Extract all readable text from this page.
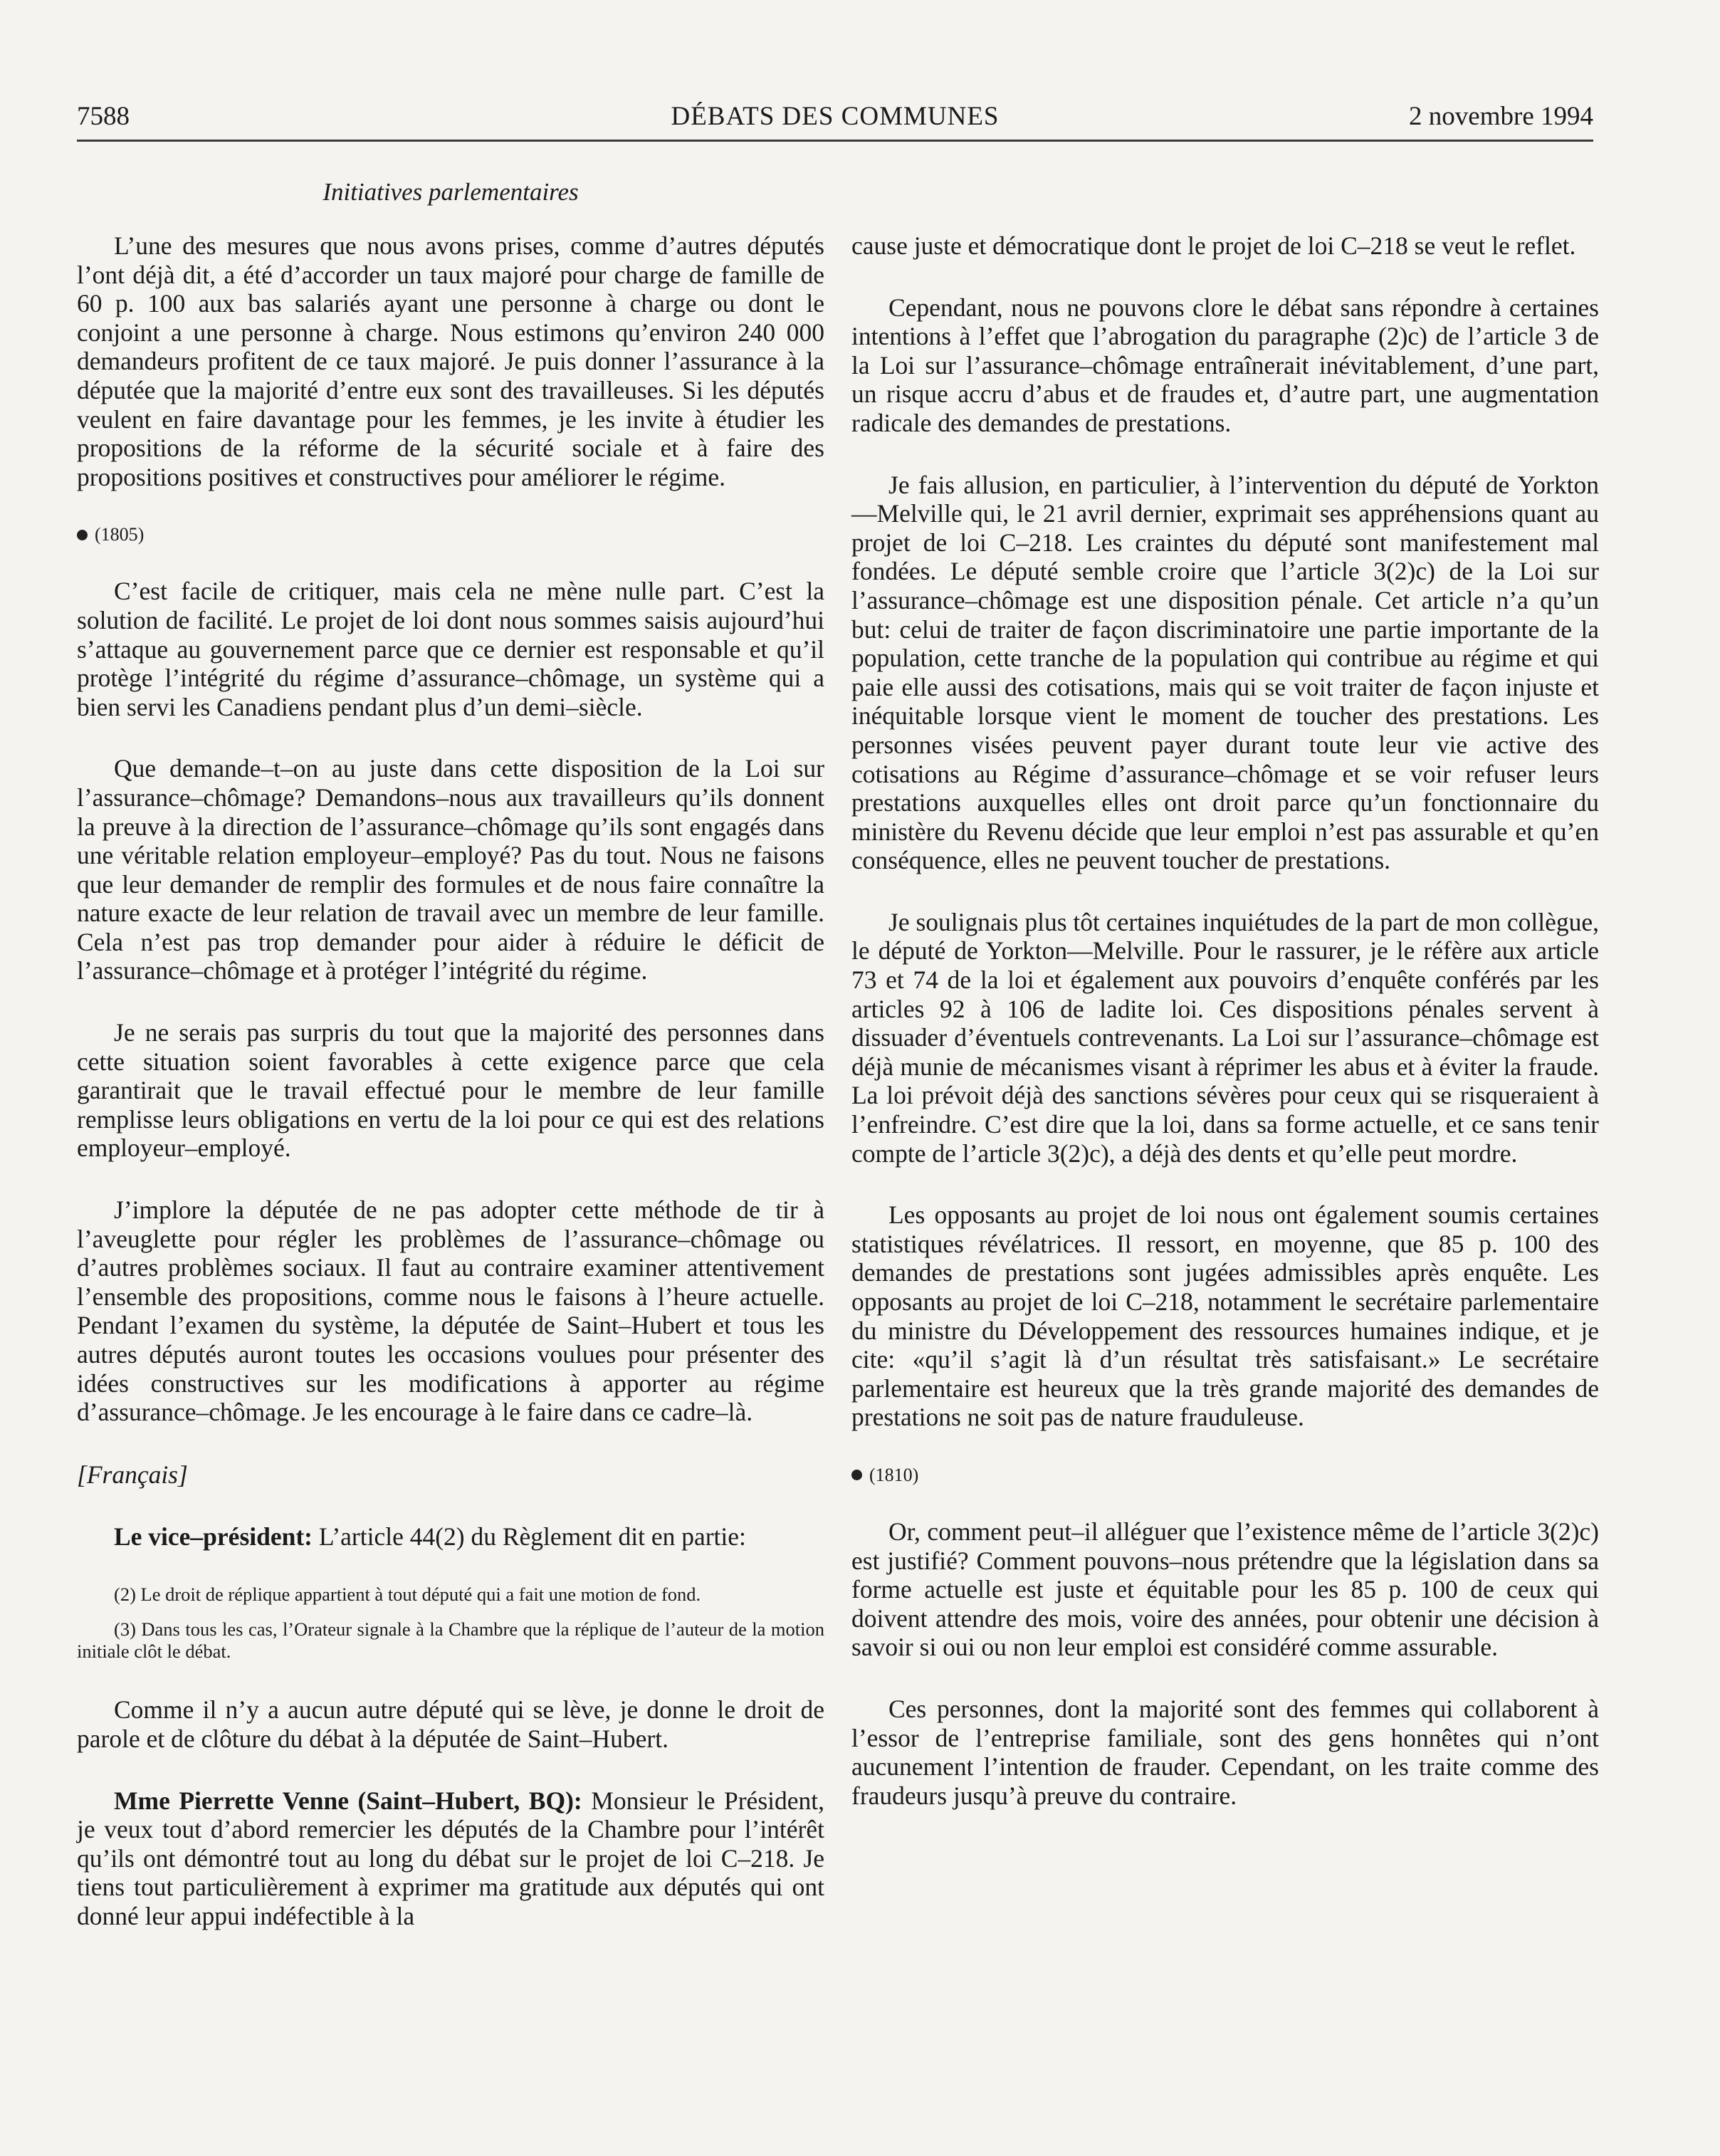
7588	DÉBATS DES COMMUNES	2 novembre 1994
Initiatives parlementaires

L’une des mesures que nous avons prises, comme d’autres députés l’ont déjà dit, a été d’accorder un taux majoré pour charge de famille de 60 p. 100 aux bas salariés ayant une personne à charge ou dont le conjoint a une personne à charge. Nous estimons qu’environ 240 000 demandeurs profitent de ce taux majoré. Je puis donner l’assurance à la députée que la majorité d’entre eux sont des travailleuses. Si les députés veulent en faire davantage pour les femmes, je les invite à étudier les propositions de la réforme de la sécurité sociale et à faire des propositions positives et constructives pour améliorer le régime.

(1805)

C’est facile de critiquer, mais cela ne mène nulle part. C’est la solution de facilité. Le projet de loi dont nous sommes saisis aujourd’hui s’attaque au gouvernement parce que ce dernier est responsable et qu’il protège l’intégrité du régime d’assurance–chômage, un système qui a bien servi les Canadiens pendant plus d’un demi–siècle.

Que demande–t–on au juste dans cette disposition de la Loi sur l’assurance–chômage? Demandons–nous aux travailleurs qu’ils donnent la preuve à la direction de l’assurance–chômage qu’ils sont engagés dans une véritable relation employeur–employé? Pas du tout. Nous ne faisons que leur demander de remplir des formules et de nous faire connaître la nature exacte de leur relation de travail avec un membre de leur famille. Cela n’est pas trop demander pour aider à réduire le déficit de l’assurance–chômage et à protéger l’intégrité du régime.

Je ne serais pas surpris du tout que la majorité des personnes dans cette situation soient favorables à cette exigence parce que cela garantirait que le travail effectué pour le membre de leur famille remplisse leurs obligations en vertu de la loi pour ce qui est des relations employeur–employé.

J’implore la députée de ne pas adopter cette méthode de tir à l’aveuglette pour régler les problèmes de l’assurance–chômage ou d’autres problèmes sociaux. Il faut au contraire examiner attentivement l’ensemble des propositions, comme nous le faisons à l’heure actuelle. Pendant l’examen du système, la députée de Saint–Hubert et tous les autres députés auront toutes les occasions voulues pour présenter des idées constructives sur les modifications à apporter au régime d’assurance–chômage. Je les encourage à le faire dans ce cadre–là.

[Français]

Le vice–président: L’article 44(2) du Règlement dit en partie:

(2) Le droit de réplique appartient à tout député qui a fait une motion de fond.
(3) Dans tous les cas, l’Orateur signale à la Chambre que la réplique de l’auteur de la motion initiale clôt le débat.

Comme il n’y a aucun autre député qui se lève, je donne le droit de parole et de clôture du débat à la députée de Saint–Hubert.

Mme Pierrette Venne (Saint–Hubert, BQ): Monsieur le Président, je veux tout d’abord remercier les députés de la Chambre pour l’intérêt qu’ils ont démontré tout au long du débat sur le projet de loi C–218. Je tiens tout particulièrement à exprimer ma gratitude aux députés qui ont donné leur appui indéfectible à la

cause juste et démocratique dont le projet de loi C–218 se veut le reflet.

Cependant, nous ne pouvons clore le débat sans répondre à certaines intentions à l’effet que l’abrogation du paragraphe (2)c) de l’article 3 de la Loi sur l’assurance–chômage entraînerait inévitablement, d’une part, un risque accru d’abus et de fraudes et, d’autre part, une augmentation radicale des demandes de prestations.

Je fais allusion, en particulier, à l’intervention du député de Yorkton—Melville qui, le 21 avril dernier, exprimait ses appréhensions quant au projet de loi C–218. Les craintes du député sont manifestement mal fondées. Le député semble croire que l’article 3(2)c) de la Loi sur l’assurance–chômage est une disposition pénale. Cet article n’a qu’un but: celui de traiter de façon discriminatoire une partie importante de la population, cette tranche de la population qui contribue au régime et qui paie elle aussi des cotisations, mais qui se voit traiter de façon injuste et inéquitable lorsque vient le moment de toucher des prestations. Les personnes visées peuvent payer durant toute leur vie active des cotisations au Régime d’assurance–chômage et se voir refuser leurs prestations auxquelles elles ont droit parce qu’un fonctionnaire du ministère du Revenu décide que leur emploi n’est pas assurable et qu’en conséquence, elles ne peuvent toucher de prestations.

Je soulignais plus tôt certaines inquiétudes de la part de mon collègue, le député de Yorkton—Melville. Pour le rassurer, je le réfère aux article 73 et 74 de la loi et également aux pouvoirs d’enquête conférés par les articles 92 à 106 de ladite loi. Ces dispositions pénales servent à dissuader d’éventuels contrevenants. La Loi sur l’assurance–chômage est déjà munie de mécanismes visant à réprimer les abus et à éviter la fraude. La loi prévoit déjà des sanctions sévères pour ceux qui se risqueraient à l’enfreindre. C’est dire que la loi, dans sa forme actuelle, et ce sans tenir compte de l’article 3(2)c), a déjà des dents et qu’elle peut mordre.

Les opposants au projet de loi nous ont également soumis certaines statistiques révélatrices. Il ressort, en moyenne, que 85 p. 100 des demandes de prestations sont jugées admissibles après enquête. Les opposants au projet de loi C–218, notamment le secrétaire parlementaire du ministre du Développement des ressources humaines indique, et je cite: «qu’il s’agit là d’un résultat très satisfaisant.» Le secrétaire parlementaire est heureux que la très grande majorité des demandes de prestations ne soit pas de nature frauduleuse.

(1810)

Or, comment peut–il alléguer que l’existence même de l’article 3(2)c) est justifié? Comment pouvons–nous prétendre que la législation dans sa forme actuelle est juste et équitable pour les 85 p. 100 de ceux qui doivent attendre des mois, voire des années, pour obtenir une décision à savoir si oui ou non leur emploi est considéré comme assurable.

Ces personnes, dont la majorité sont des femmes qui collaborent à l’essor de l’entreprise familiale, sont des gens honnêtes qui n’ont aucunement l’intention de frauder. Cependant, on les traite comme des fraudeurs jusqu’à preuve du contraire.
